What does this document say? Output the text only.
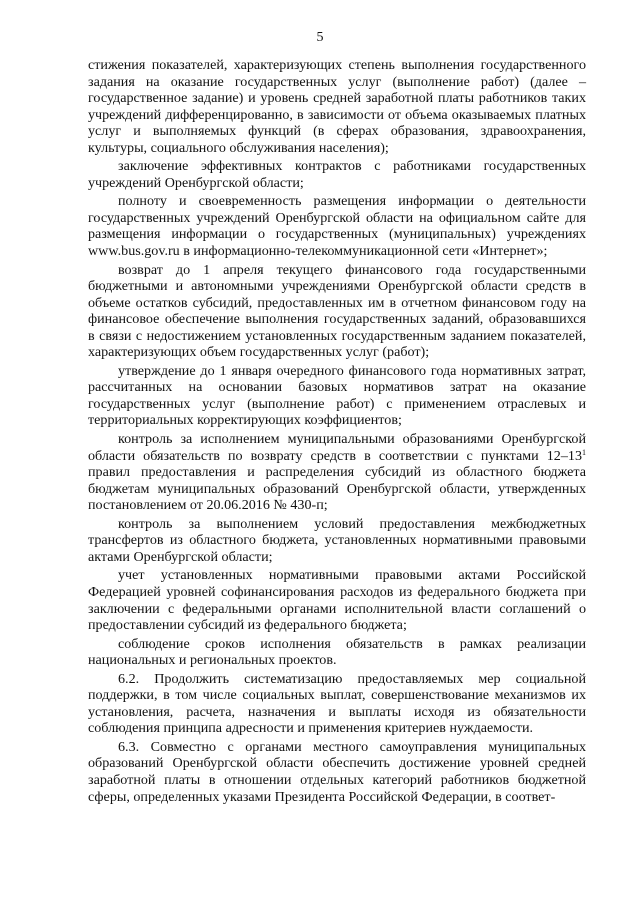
5

стижения показателей, характеризующих степень выполнения государственного задания на оказание государственных услуг (выполнение работ) (далее – государственное задание) и уровень средней заработной платы работников таких учреждений дифференцированно, в зависимости от объема оказываемых платных услуг и выполняемых функций (в сферах образования, здравоохранения, культуры, социального обслуживания населения);

заключение эффективных контрактов с работниками государственных учреждений Оренбургской области;

полноту и своевременность размещения информации о деятельности государственных учреждений Оренбургской области на официальном сайте для размещения информации о государственных (муниципальных) учреждениях www.bus.gov.ru в информационно-телекоммуникационной сети «Интернет»;

возврат до 1 апреля текущего финансового года государственными бюджетными и автономными учреждениями Оренбургской области средств в объеме остатков субсидий, предоставленных им в отчетном финансовом году на финансовое обеспечение выполнения государственных заданий, образовавшихся в связи с недостижением установленных государственным заданием показателей, характеризующих объем государственных услуг (работ);

утверждение до 1 января очередного финансового года нормативных затрат, рассчитанных на основании базовых нормативов затрат на оказание государственных услуг (выполнение работ) с применением отраслевых и территориальных корректирующих коэффициентов;

контроль за исполнением муниципальными образованиями Оренбургской области обязательств по возврату средств в соответствии с пунктами $12-13^1$ правил предоставления и распределения субсидий из областного бюджета бюджетам муниципальных образований Оренбургской области, утвержденных постановлением от 20.06.2016 № 430-п;

контроль за выполнением условий предоставления межбюджетных трансфертов из областного бюджета, установленных нормативными правовыми актами Оренбургской области;

учет установленных нормативными правовыми актами Российской Федерацией уровней софинансирования расходов из федерального бюджета при заключении с федеральными органами исполнительной власти соглашений о предоставлении субсидий из федерального бюджета;

соблюдение сроков исполнения обязательств в рамках реализации национальных и региональных проектов.

6.2. Продолжить систематизацию предоставляемых мер социальной поддержки, в том числе социальных выплат, совершенствование механизмов их установления, расчета, назначения и выплаты исходя из обязательности соблюдения принципа адресности и применения критериев нуждаемости.

6.3. Совместно с органами местного самоуправления муниципальных образований Оренбургской области обеспечить достижение уровней средней заработной платы в отношении отдельных категорий работников бюджетной сферы, определенных указами Президента Российской Федерации, в соответ-
